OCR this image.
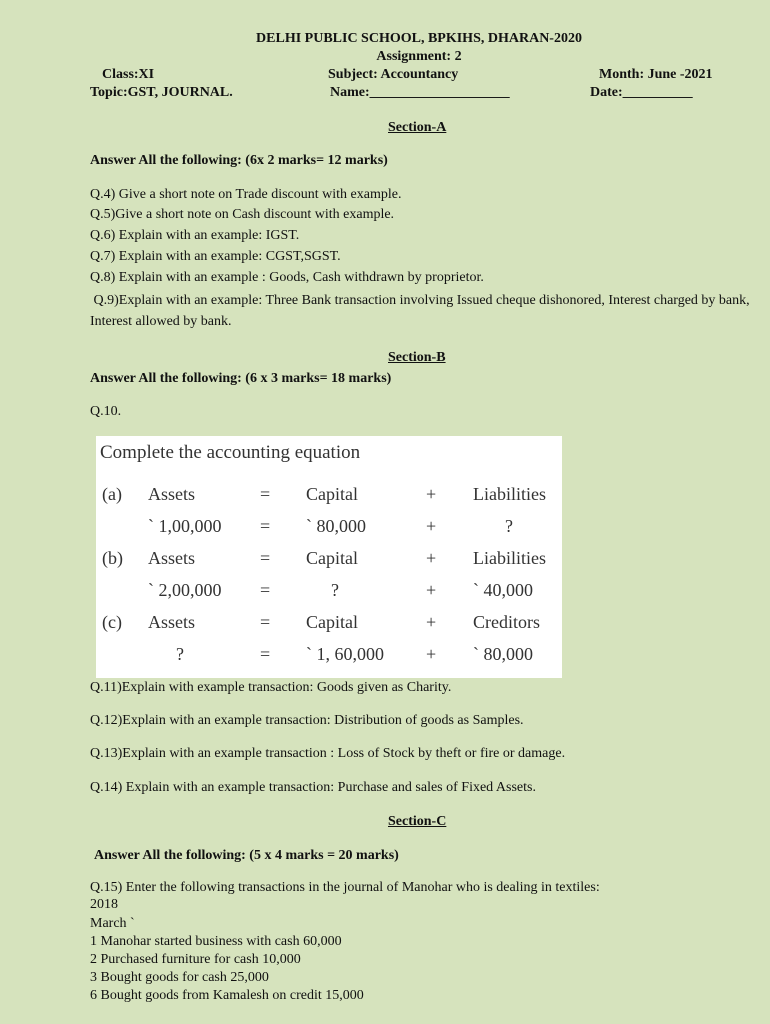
DELHI PUBLIC SCHOOL, BPKIHS, DHARAN-2020
Assignment: 2
Class:XI	Subject: Accountancy	Month: June -2021
Topic:GST, JOURNAL.	Name:____________________	Date:__________
Section-A
Answer All the following: (6x 2 marks= 12 marks)
Q.4) Give a short note on Trade discount with example.
Q.5)Give a short note on Cash discount with example.
Q.6) Explain with an example: IGST.
Q.7) Explain with an example: CGST,SGST.
Q.8) Explain with an example : Goods, Cash withdrawn by proprietor.
Q.9)Explain with an example: Three Bank transaction involving Issued cheque dishonored, Interest charged by bank, Interest allowed by bank.
Section-B
Answer All the following: (6 x 3 marks= 18 marks)
Q.10.
Complete the accounting equation
(a) Assets	= Capital	+ Liabilities
` 1,00,000 = ` 80,000	+	?
(b) Assets	= Capital	+ Liabilities
` 2,00,000 =	?	+ ` 40,000
(c) Assets	= Capital	+ Creditors
?	= ` 1, 60,000 + ` 80,000
Q.11)Explain with example transaction: Goods given as Charity.
Q.12)Explain with an example transaction: Distribution of goods as Samples.
Q.13)Explain with an example transaction : Loss of Stock by theft or fire or damage.
Q.14) Explain with an example transaction: Purchase and sales of Fixed Assets.
Section-C
Answer All the following: (5 x 4 marks = 20 marks)
Q.15) Enter the following transactions in the journal of Manohar who is dealing in textiles:
2018
March `
1 Manohar started business with cash 60,000
2 Purchased furniture for cash 10,000
3 Bought goods for cash 25,000
6 Bought goods from Kamalesh on credit 15,000
